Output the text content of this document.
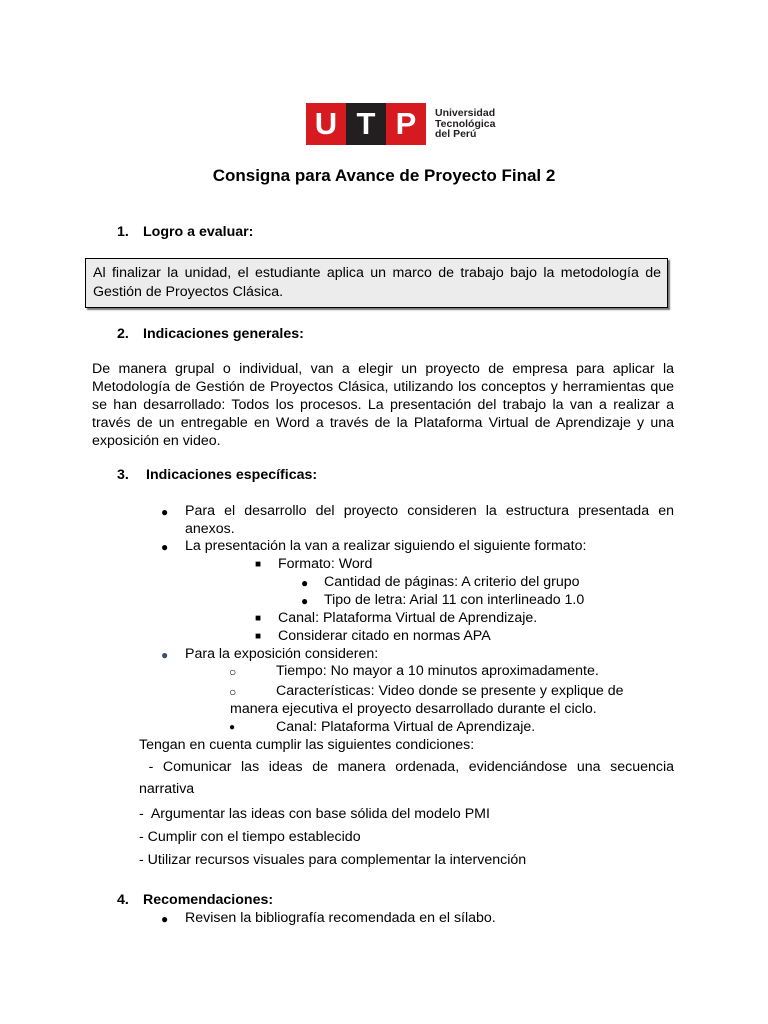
U T P	Universidad
Tecnológica
del Perú
Consigna para Avance de Proyecto Final 2
1. Logro a evaluar:
Al finalizar la unidad, el estudiante aplica un marco de trabajo bajo la metodología de
Gestión de Proyectos Clásica.
2. Indicaciones generales:
De manera grupal o individual, van a elegir un proyecto de empresa para aplicar la
Metodología de Gestión de Proyectos Clásica, utilizando los conceptos y herramientas que
se han desarrollado: Todos los procesos. La presentación del trabajo la van a realizar a
través de un entregable en Word a través de la Plataforma Virtual de Aprendizaje y una
exposición en video.
3. Indicaciones específicas:
● Para el desarrollo del proyecto consideren la estructura presentada en
anexos.
● La presentación la van a realizar siguiendo el siguiente formato:
■ Formato: Word
● Cantidad de páginas: A criterio del grupo
● Tipo de letra: Arial 11 con interlineado 1.0
■ Canal: Plataforma Virtual de Aprendizaje.
■ Considerar citado en normas APA
● Para la exposición consideren:
○	Tiempo: No mayor a 10 minutos aproximadamente.
○	Características: Video donde se presente y explique de
manera ejecutiva el proyecto desarrollado durante el ciclo.
●	Canal: Plataforma Virtual de Aprendizaje.
Tengan en cuenta cumplir las siguientes condiciones:
- Comunicar las ideas de manera ordenada, evidenciándose una secuencia
narrativa
-  Argumentar las ideas con base sólida del modelo PMI
- Cumplir con el tiempo establecido
- Utilizar recursos visuales para complementar la intervención
4. Recomendaciones:
● Revisen la bibliografía recomendada en el sílabo.
